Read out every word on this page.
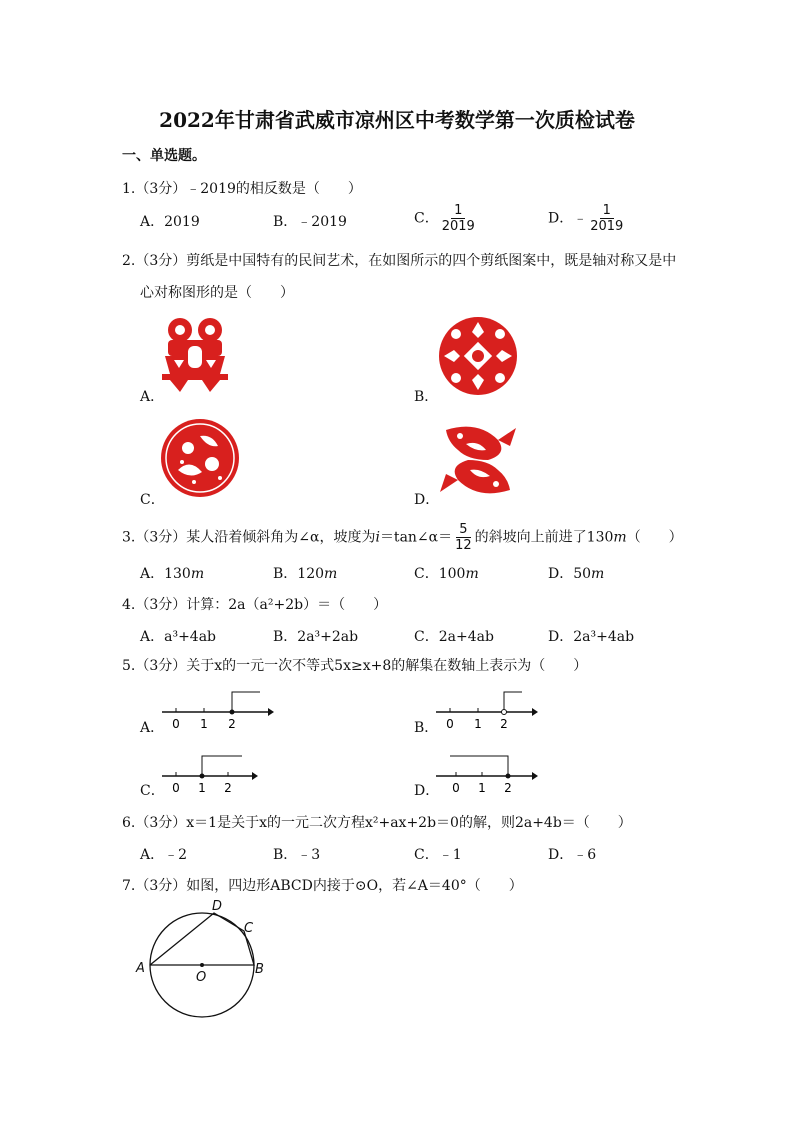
2022年甘肃省武威市凉州区中考数学第一次质检试卷
一、单选题。
1.（3分）﹣2019的相反数是（　　）
A．2019	B．﹣2019	C． $\frac{1}{2019}$	D．﹣ $\frac{1}{2019}$
2.（3分）剪纸是中国特有的民间艺术，在如图所示的四个剪纸图案中，既是轴对称又是中
心对称图形的是（　　）
A．	B．
C．	D．
3.（3分）某人沿着倾斜角为∠α，坡度为i＝tan∠α＝ $\frac{5}{12}$ 的斜坡向上前进了130m（　　）
A．130m	B．120m	C．100m	D．50m
4.（3分）计算：2a（a²+2b）＝（　　）
A．a³+4ab	B．2a³+2ab	C．2a+4ab	D．2a³+4ab
5.（3分）关于x的一元一次不等式5x≥x+8的解集在数轴上表示为（　　）
A．	B．
C．	D．
0 1 2	0 1 2
0 1 2	0 1 2
6.（3分）x＝1是关于x的一元二次方程x²+ax+2b＝0的解，则2a+4b＝（　　）
A．﹣2	B．﹣3	C．﹣1	D．﹣6
7.（3分）如图，四边形ABCD内接于⊙O，若∠A＝40°（　　）
A	B
C
D
O
